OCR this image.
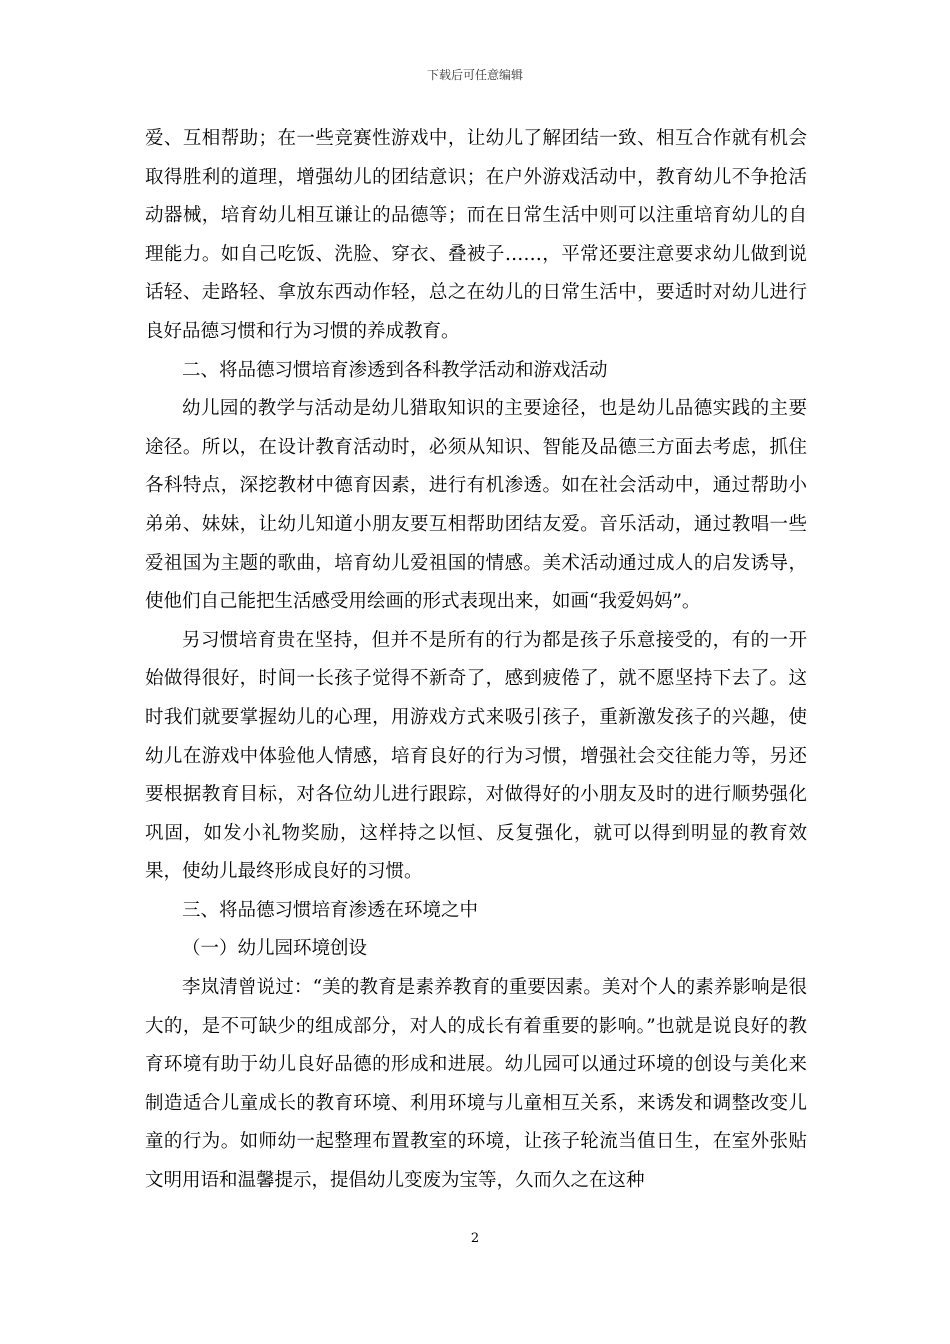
下载后可任意编辑

爱、互相帮助；在一些竞赛性游戏中，让幼儿了解团结一致、相互合作就有机会取得胜利的道理，增强幼儿的团结意识；在户外游戏活动中，教育幼儿不争抢活动器械，培育幼儿相互谦让的品德等；而在日常生活中则可以注重培育幼儿的自理能力。如自己吃饭、洗脸、穿衣、叠被子……，平常还要注意要求幼儿做到说话轻、走路轻、拿放东西动作轻，总之在幼儿的日常生活中，要适时对幼儿进行良好品德习惯和行为习惯的养成教育。

二、将品德习惯培育渗透到各科教学活动和游戏活动

幼儿园的教学与活动是幼儿猎取知识的主要途径，也是幼儿品德实践的主要途径。所以，在设计教育活动时，必须从知识、智能及品德三方面去考虑，抓住各科特点，深挖教材中德育因素，进行有机渗透。如在社会活动中，通过帮助小弟弟、妹妹，让幼儿知道小朋友要互相帮助团结友爱。音乐活动，通过教唱一些爱祖国为主题的歌曲，培育幼儿爱祖国的情感。美术活动通过成人的启发诱导，使他们自己能把生活感受用绘画的形式表现出来，如画“我爱妈妈”。

另习惯培育贵在坚持，但并不是所有的行为都是孩子乐意接受的，有的一开始做得很好，时间一长孩子觉得不新奇了，感到疲倦了，就不愿坚持下去了。这时我们就要掌握幼儿的心理，用游戏方式来吸引孩子，重新激发孩子的兴趣，使幼儿在游戏中体验他人情感，培育良好的行为习惯，增强社会交往能力等，另还要根据教育目标，对各位幼儿进行跟踪，对做得好的小朋友及时的进行顺势强化巩固，如发小礼物奖励，这样持之以恒、反复强化，就可以得到明显的教育效果，使幼儿最终形成良好的习惯。

三、将品德习惯培育渗透在环境之中

（一）幼儿园环境创设

李岚清曾说过：“美的教育是素养教育的重要因素。美对个人的素养影响是很大的，是不可缺少的组成部分，对人的成长有着重要的影响。”也就是说良好的教育环境有助于幼儿良好品德的形成和进展。幼儿园可以通过环境的创设与美化来制造适合儿童成长的教育环境、利用环境与儿童相互关系，来诱发和调整改变儿童的行为。如师幼一起整理布置教室的环境，让孩子轮流当值日生，在室外张贴文明用语和温馨提示，提倡幼儿变废为宝等，久而久之在这种

2
